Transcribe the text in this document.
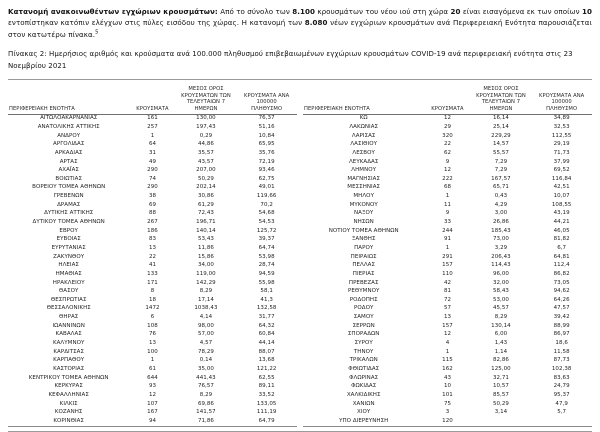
Κατανομή ανακοινωθέντων εγχώριων κρουσμάτων: Από το σύνολο των 8.100 κρουσμάτων του νέου ιού στη χώρα 20 είναι εισαγόμενα εκ των οποίων 10 εντοπίστηκαν κατόπιν ελέγχων στις πύλες εισόδου της χώρας. Η κατανομή των 8.080 νέων εγχώριων κρουσμάτων ανά Περιφερειακή Ενότητα παρουσιάζεται στον κατωτέρω πίνακα.$^5$

Πίνακας 2: Ημερήσιος αριθμός και κρούσματα ανά 100.000 πληθυσμού επιβεβαιωμένων εγχώριων κρουσμάτων COVID-19 ανά περιφερειακή ενότητα στις 23 Νοεμβρίου 2021

ΠΕΡΙΦΕΡΕΙΑΚΗ ΕΝΟΤΗΤΑ	ΚΡΟΥΣΜΑΤΑ	ΜΕΣΟΣ ΟΡΟΣ
ΚΡΟΥΣΜΑΤΩΝ ΤΩΝ
ΤΕΛΕΥΤΑΙΩΝ 7 ΗΜΕΡΩΝ	ΚΡΟΥΣΜΑΤΑ ΑΝΑ 100000
ΠΛΗΘΥΣΜΟ
ΑΙΤΩΛΟΑΚΑΡΝΑΝΙΑΣ	161	130,00	76,37
ΑΝΑΤΟΛΙΚΗΣ ΑΤΤΙΚΗΣ	257	197,43	51,16
ΑΝΔΡΟΥ	1	0,29	10,84
ΑΡΓΟΛΙΔΑΣ	64	44,86	65,95
ΑΡΚΑΔΙΑΣ	31	35,57	35,76
ΑΡΤΑΣ	49	43,57	72,19
ΑΧΑΪΑΣ	290	207,00	93,46
ΒΟΙΩΤΙΑΣ	74	50,29	62,75
ΒΟΡΕΙΟΥ ΤΟΜΕΑ ΑΘΗΝΩΝ	290	202,14	49,01
ΓΡΕΒΕΝΩΝ	38	30,86	119,66
ΔΡΑΜΑΣ	69	61,29	70,2
ΔΥΤΙΚΗΣ ΑΤΤΙΚΗΣ	88	72,43	54,68
ΔΥΤΙΚΟΥ ΤΟΜΕΑ ΑΘΗΝΩΝ	267	196,71	54,53
ΕΒΡΟΥ	186	140,14	125,72
ΕΥΒΟΙΑΣ	83	53,43	39,37
ΕΥΡΥΤΑΝΙΑΣ	13	11,86	64,74
ΖΑΚΥΝΘΟΥ	22	15,86	53,98
ΗΛΕΙΑΣ	41	34,00	28,74
ΗΜΑΘΙΑΣ	133	119,00	94,59
ΗΡΑΚΛΕΙΟΥ	171	142,29	55,98
ΘΑΣΟΥ	8	8,29	58,1
ΘΕΣΠΡΩΤΙΑΣ	18	17,14	41,3
ΘΕΣΣΑΛΟΝΙΚΗΣ	1472	1038,43	132,58
ΘΗΡΑΣ	6	4,14	31,77
ΙΩΑΝΝΙΝΩΝ	108	98,00	64,32
ΚΑΒΑΛΑΣ	76	57,00	60,84
ΚΑΛΥΜΝΟΥ	13	4,57	44,14
ΚΑΡΔΙΤΣΑΣ	100	78,29	88,07
ΚΑΡΠΑΘΟΥ	1	0,14	13,68
ΚΑΣΤΟΡΙΑΣ	61	35,00	121,22
ΚΕΝΤΡΙΚΟΥ ΤΟΜΕΑ ΑΘΗΝΩΝ	644	441,43	62,55
ΚΕΡΚΥΡΑΣ	93	76,57	89,11
ΚΕΦΑΛΛΗΝΙΑΣ	12	8,29	33,52
ΚΙΛΚΙΣ	107	69,86	133,05
ΚΟΖΑΝΗΣ	167	141,57	111,19
ΚΟΡΙΝΘΙΑΣ	94	71,86	64,79
ΠΕΡΙΦΕΡΕΙΑΚΗ ΕΝΟΤΗΤΑ	ΚΡΟΥΣΜΑΤΑ	ΜΕΣΟΣ ΟΡΟΣ
ΚΡΟΥΣΜΑΤΩΝ ΤΩΝ
ΤΕΛΕΥΤΑΙΩΝ 7 ΗΜΕΡΩΝ	ΚΡΟΥΣΜΑΤΑ ΑΝΑ 100000
ΠΛΗΘΥΣΜΟ
ΚΩ	12	16,14	34,89
ΛΑΚΩΝΙΑΣ	29	25,14	32,53
ΛΑΡΙΣΑΣ	320	229,29	112,55
ΛΑΣΙΘΙΟΥ	22	14,57	29,19
ΛΕΣΒΟΥ	62	55,57	71,73
ΛΕΥΚΑΔΑΣ	9	7,29	37,99
ΛΗΜΝΟΥ	12	7,29	69,52
ΜΑΓΝΗΣΙΑΣ	222	167,57	116,84
ΜΕΣΣΗΝΙΑΣ	68	65,71	42,51
ΜΗΛΟΥ	1	0,43	10,07
ΜΥΚΟΝΟΥ	11	4,29	108,55
ΝΑΞΟΥ	9	3,00	43,19
ΝΗΣΩΝ	33	26,86	44,21
ΝΟΤΙΟΥ ΤΟΜΕΑ ΑΘΗΝΩΝ	244	185,43	46,05
ΞΑΝΘΗΣ	91	73,00	81,82
ΠΑΡΟΥ	1	3,29	6,7
ΠΕΙΡΑΙΩΣ	291	206,43	64,81
ΠΕΛΛΑΣ	157	114,43	112,4
ΠΙΕΡΙΑΣ	110	96,00	86,82
ΠΡΕΒΕΖΑΣ	42	32,00	73,05
ΡΕΘΥΜΝΟΥ	81	58,43	94,62
ΡΟΔΟΠΗΣ	72	53,00	64,26
ΡΟΔΟΥ	57	45,57	47,57
ΣΑΜΟΥ	13	8,29	39,42
ΣΕΡΡΩΝ	157	130,14	88,99
ΣΠΟΡΑΔΩΝ	12	6,00	86,97
ΣΥΡΟΥ	4	1,43	18,6
ΤΗΝΟΥ	1	1,14	11,58
ΤΡΙΚΑΛΩΝ	115	82,86	87,73
ΦΘΙΩΤΙΔΑΣ	162	125,00	102,38
ΦΛΩΡΙΝΑΣ	43	32,71	83,63
ΦΩΚΙΔΑΣ	10	10,57	24,79
ΧΑΛΚΙΔΙΚΗΣ	101	85,57	95,37
ΧΑΝΙΩΝ	75	50,29	47,9
ΧΙΟΥ	3	3,14	5,7
ΥΠΟ ΔΙΕΡΕΥΝΗΣΗ	120		
